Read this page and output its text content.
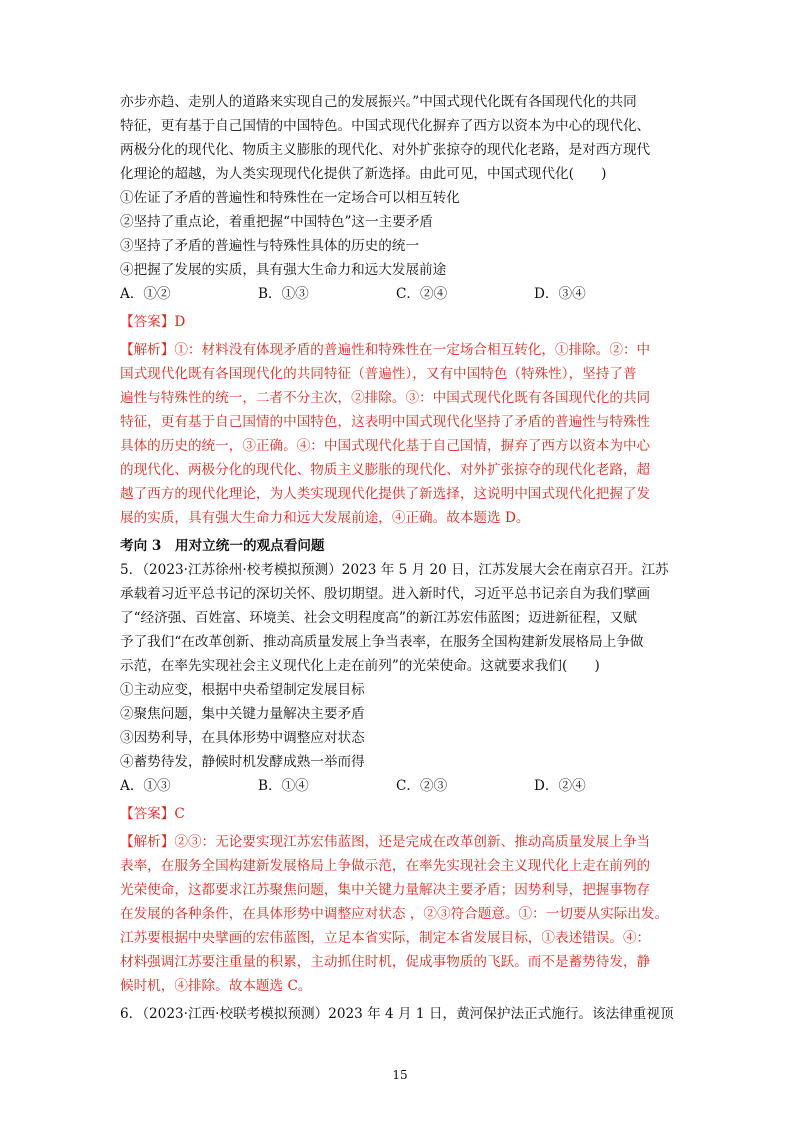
亦步亦趋、走别人的道路来实现自己的发展振兴。”中国式现代化既有各国现代化的共同
特征，更有基于自己国情的中国特色。中国式现代化摒弃了西方以资本为中心的现代化、
两极分化的现代化、物质主义膨胀的现代化、对外扩张掠夺的现代化老路，是对西方现代
化理论的超越，为人类实现现代化提供了新选择。由此可见，中国式现代化(　　)
①佐证了矛盾的普遍性和特殊性在一定场合可以相互转化
②坚持了重点论，着重把握“中国特色”这一主要矛盾
③坚持了矛盾的普遍性与特殊性具体的历史的统一
④把握了发展的实质，具有强大生命力和远大发展前途
A．①②	B．①③	C．②④	D．③④
【答案】D
【解析】①：材料没有体现矛盾的普遍性和特殊性在一定场合相互转化，①排除。②：中
国式现代化既有各国现代化的共同特征（普遍性），又有中国特色（特殊性），坚持了普
遍性与特殊性的统一，二者不分主次，②排除。③：中国式现代化既有各国现代化的共同
特征，更有基于自己国情的中国特色，这表明中国式现代化坚持了矛盾的普遍性与特殊性
具体的历史的统一，③正确。④：中国式现代化基于自己国情，摒弃了西方以资本为中心
的现代化、两极分化的现代化、物质主义膨胀的现代化、对外扩张掠夺的现代化老路，超
越了西方的现代化理论，为人类实现现代化提供了新选择，这说明中国式现代化把握了发
展的实质，具有强大生命力和远大发展前途，④正确。故本题选 D。
考向 3　用对立统一的观点看问题
5．（2023·江苏徐州·校考模拟预测）2023 年 5 月 20 日，江苏发展大会在南京召开。江苏
承载着习近平总书记的深切关怀、殷切期望。进入新时代，习近平总书记亲自为我们擘画
了“经济强、百姓富、环境美、社会文明程度高”的新江苏宏伟蓝图；迈进新征程，又赋
予了我们“在改革创新、推动高质量发展上争当表率，在服务全国构建新发展格局上争做
示范，在率先实现社会主义现代化上走在前列”的光荣使命。这就要求我们(　　)
①主动应变，根据中央希望制定发展目标
②聚焦问题，集中关键力量解决主要矛盾
③因势利导，在具体形势中调整应对状态
④蓄势待发，静候时机发酵成熟一举而得
A．①③	B．①④	C．②③	D．②④
【答案】C
【解析】②③：无论要实现江苏宏伟蓝图，还是完成在改革创新、推动高质量发展上争当
表率，在服务全国构建新发展格局上争做示范，在率先实现社会主义现代化上走在前列的
光荣使命，这都要求江苏聚焦问题，集中关键力量解决主要矛盾；因势利导，把握事物存
在发展的各种条件，在具体形势中调整应对状态 ，②③符合题意。①：一切要从实际出发。
江苏要根据中央擘画的宏伟蓝图，立足本省实际，制定本省发展目标，①表述错误。④：
材料强调江苏要注重量的积累，主动抓住时机，促成事物质的飞跃。而不是蓄势待发，静
候时机，④排除。故本题选 C。
6．（2023·江西·校联考模拟预测）2023 年 4 月 1 日，黄河保护法正式施行。该法律重视顶
15
